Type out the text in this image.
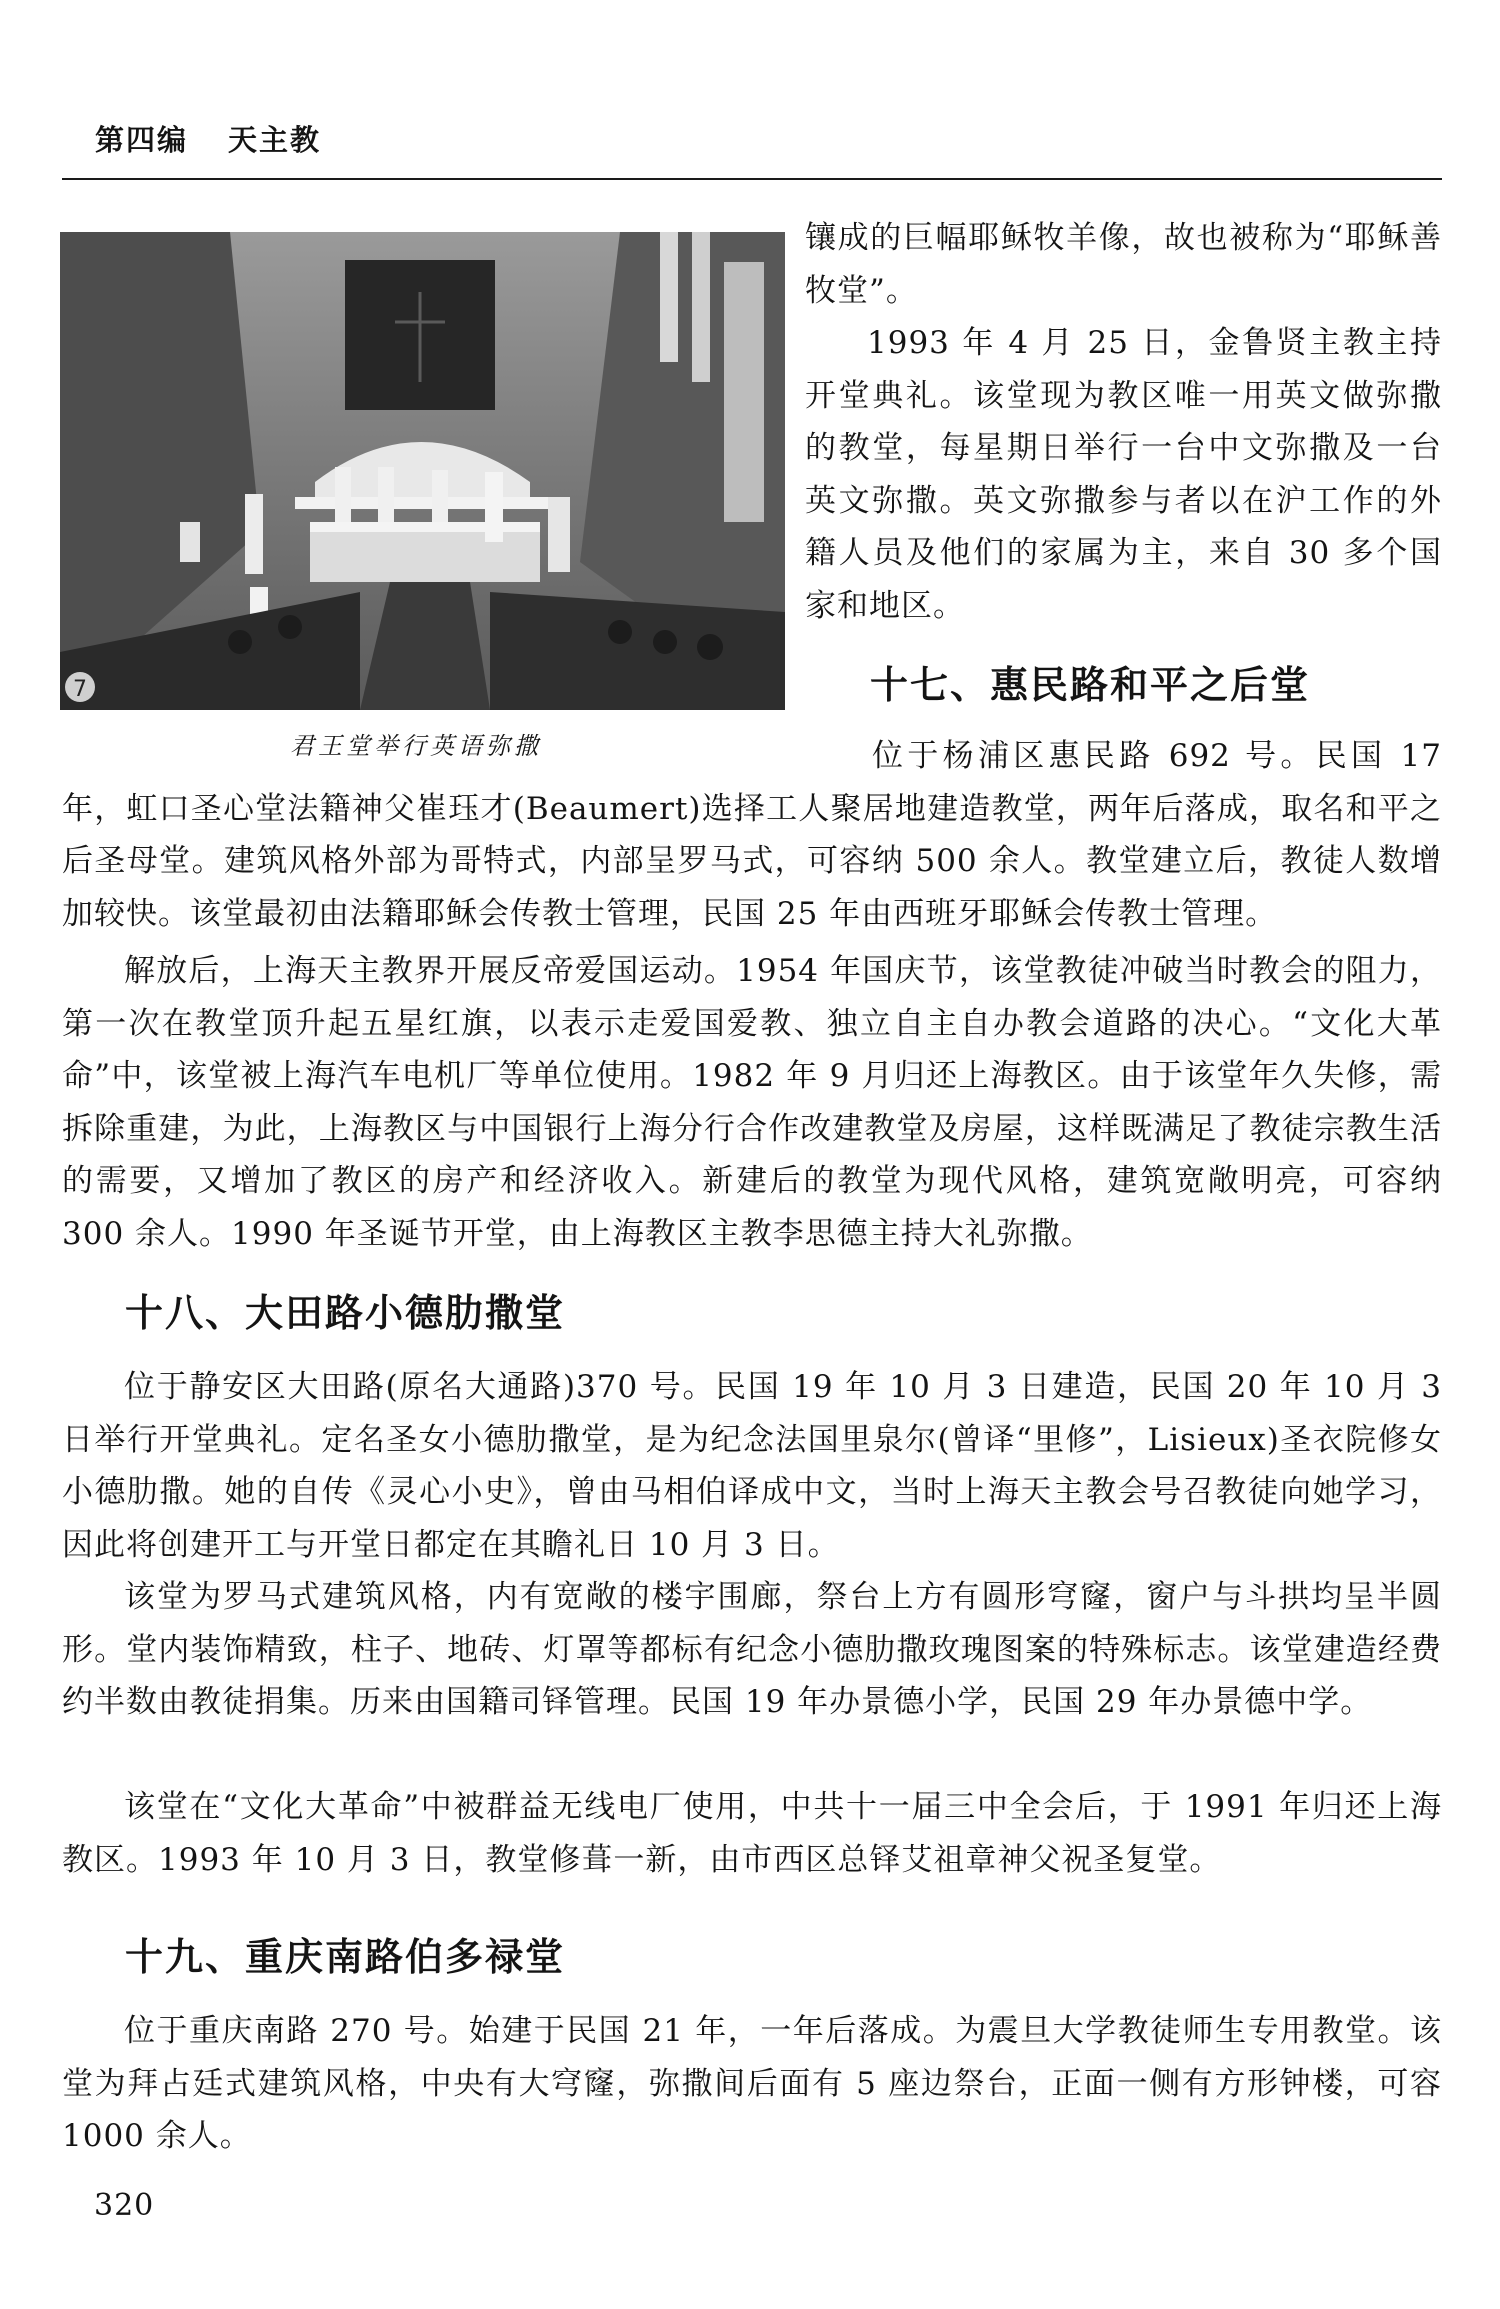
第四编 天主教
7
君王堂举行英语弥撒

镶成的巨幅耶稣牧羊像，故也被称为“耶稣善牧堂”。

1993 年 4 月 25 日，金鲁贤主教主持开堂典礼。该堂现为教区唯一用英文做弥撒的教堂，每星期日举行一台中文弥撒及一台英文弥撒。英文弥撒参与者以在沪工作的外籍人员及他们的家属为主，来自 30 多个国家和地区。

十七、惠民路和平之后堂

位于杨浦区惠民路 692 号。民国 17 年，虹口圣心堂法籍神父崔珏才(Beaumert)选择工人聚居地建造教堂，两年后落成，取名和平之后圣母堂。建筑风格外部为哥特式，内部呈罗马式，可容纳 500 余人。教堂建立后，教徒人数增加较快。该堂最初由法籍耶稣会传教士管理，民国 25 年由西班牙耶稣会传教士管理。

解放后，上海天主教界开展反帝爱国运动。1954 年国庆节，该堂教徒冲破当时教会的阻力，第一次在教堂顶升起五星红旗，以表示走爱国爱教、独立自主自办教会道路的决心。“文化大革命”中，该堂被上海汽车电机厂等单位使用。1982 年 9 月归还上海教区。由于该堂年久失修，需拆除重建，为此，上海教区与中国银行上海分行合作改建教堂及房屋，这样既满足了教徒宗教生活的需要，又增加了教区的房产和经济收入。新建后的教堂为现代风格，建筑宽敞明亮，可容纳 300 余人。1990 年圣诞节开堂，由上海教区主教李思德主持大礼弥撒。

十八、大田路小德肋撒堂

位于静安区大田路(原名大通路)370 号。民国 19 年 10 月 3 日建造，民国 20 年 10 月 3 日举行开堂典礼。定名圣女小德肋撒堂，是为纪念法国里泉尔(曾译“里修”，Lisieux)圣衣院修女小德肋撒。她的自传《灵心小史》，曾由马相伯译成中文，当时上海天主教会号召教徒向她学习，因此将创建开工与开堂日都定在其瞻礼日 10 月 3 日。

该堂为罗马式建筑风格，内有宽敞的楼宇围廊，祭台上方有圆形穹窿，窗户与斗拱均呈半圆形。堂内装饰精致，柱子、地砖、灯罩等都标有纪念小德肋撒玫瑰图案的特殊标志。该堂建造经费约半数由教徒捐集。历来由国籍司铎管理。民国 19 年办景德小学，民国 29 年办景德中学。

该堂在“文化大革命”中被群益无线电厂使用，中共十一届三中全会后，于 1991 年归还上海教区。1993 年 10 月 3 日，教堂修葺一新，由市西区总铎艾祖章神父祝圣复堂。

十九、重庆南路伯多禄堂

位于重庆南路 270 号。始建于民国 21 年，一年后落成。为震旦大学教徒师生专用教堂。该堂为拜占廷式建筑风格，中央有大穹窿，弥撒间后面有 5 座边祭台，正面一侧有方形钟楼，可容 1000 余人。

320
